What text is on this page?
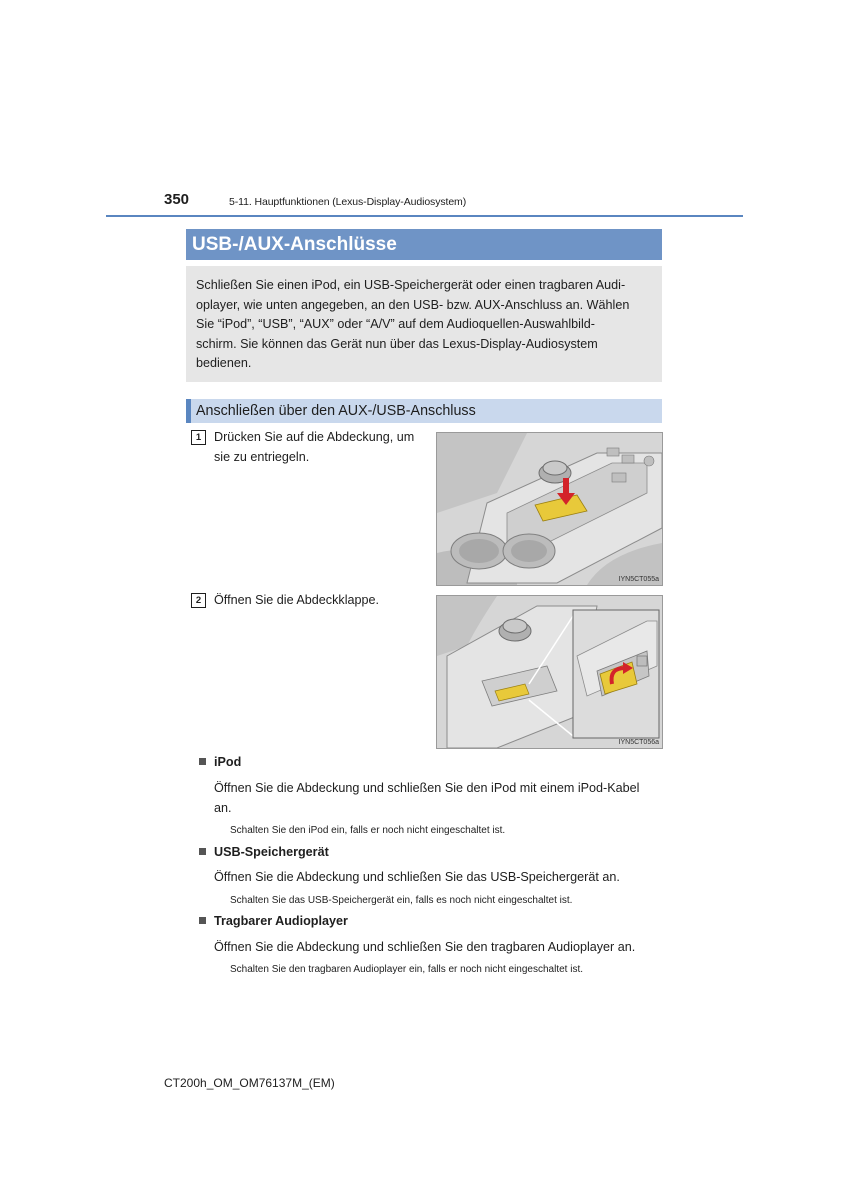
350	5-11. Hauptfunktionen (Lexus-Display-Audiosystem)
USB-/AUX-Anschlüsse
Schließen Sie einen iPod, ein USB-Speichergerät oder einen tragbaren Audi-
oplayer, wie unten angegeben, an den USB- bzw. AUX-Anschluss an. Wählen
Sie “iPod”, “USB”, “AUX” oder “A/V” auf dem Audioquellen-Auswahlbild-
schirm. Sie können das Gerät nun über das Lexus-Display-Audiosystem
bedienen.
Anschließen über den AUX-/USB-Anschluss
1	Drücken Sie auf die Abdeckung, um
sie zu entriegeln.
IYN5CT055a
2	Öffnen Sie die Abdeckklappe.
IYN5CT056a
iPod
Öffnen Sie die Abdeckung und schließen Sie den iPod mit einem iPod-Kabel
an.
Schalten Sie den iPod ein, falls er noch nicht eingeschaltet ist.
USB-Speichergerät
Öffnen Sie die Abdeckung und schließen Sie das USB-Speichergerät an.
Schalten Sie das USB-Speichergerät ein, falls es noch nicht eingeschaltet ist.
Tragbarer Audioplayer
Öffnen Sie die Abdeckung und schließen Sie den tragbaren Audioplayer an.
Schalten Sie den tragbaren Audioplayer ein, falls er noch nicht eingeschaltet ist.
CT200h_OM_OM76137M_(EM)
